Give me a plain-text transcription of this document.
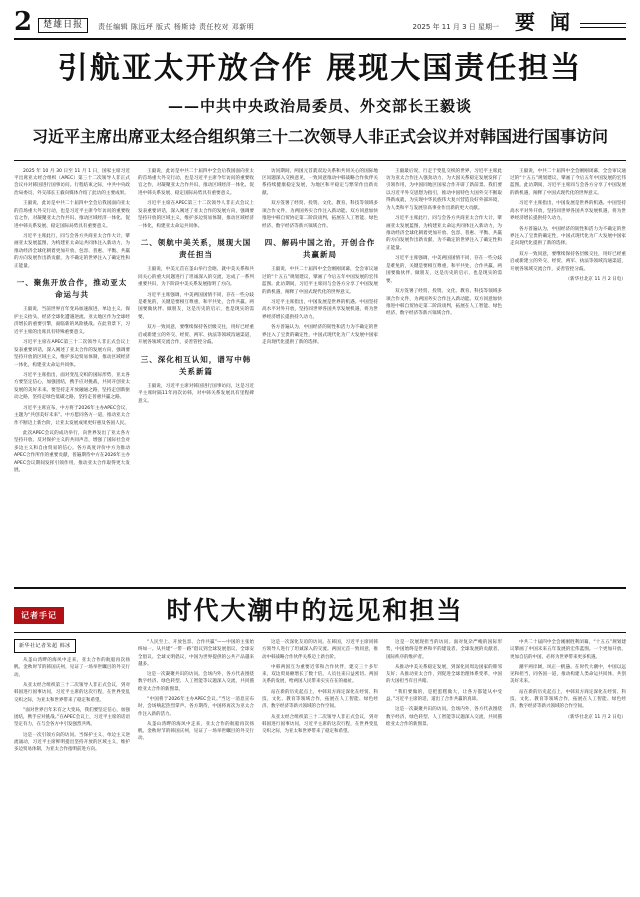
2	楚雄日报	责任编辑 陈远坪 版式 杨斯诗 责任校对 邓新明	2025 年 11 月 3 日 星期一 要 闻
引航亚太开放合作 展现大国责任担当
——中共中央政治局委员、外交部长王毅谈
习近平主席出席亚太经合组织第三十二次领导人非正式会议并对韩国进行国事访问

2025 年 10 月 30 日至 11 月 1 日，国家主席习近平出席亚太经合组织（APEC）第三十二次领导人非正式会议并对韩国进行国事访问。行程结束之际，中共中央政治局委员、外交部长王毅向媒体介绍了此访的主要成果。

王毅说，此访是中共二十届四中全会后我国面向亚太的首场重大外交行动，也是习近平主席今年访问的重要收官之作，对凝聚亚太合作共识、推动区域经济一体化、促进中韩关系发展、稳定国际局势具有重要意义。

习近平主席此行，同与会各方共商亚太合作大计，擘画亚太发展蓝图，为构建亚太命运共同体注入新动力，为推动经济全球化朝着更加开放、包容、普惠、平衡、共赢的方向发展作出新贡献，为不确定的世界注入了确定性和正能量。

一、聚焦开放合作，推动亚太命运与共

王毅说，当前世界百年变局加速演进，单边主义、保护主义抬头，经济全球化遭遇逆流。亚太地区作为全球经济增长的重要引擎，面临新的风险挑战。在此背景下，习近平主席的出席具有特殊重要意义。

习近平主席在APEC第三十二次领导人非正式会议上发表重要讲话，深入阐述了亚太合作的发展方向，强调要坚持开放的区域主义，维护多边贸易体制，推动区域经济一体化，构建亚太命运共同体。

习近平主席指出，面对变乱交织的国际形势，亚太各方要坚定信心，加强团结，携手应对挑战，共同开创亚太发展的美好未来。要坚持走开放融通之路，坚持走创新驱动之路，坚持走绿色低碳之路，坚持走普惠共赢之路。

习近平主席宣布，中方将于2026年主办APEC会议，主题为“共创美好未来”。中方愿同各方一道，推动亚太合作不断迈上新台阶，让亚太发展成果更好惠及各国人民。

此次APEC会议的成功举行，向世界发出了亚太各方坚持开放、反对保护主义的共同声音，增强了国际社会对多边主义和自由贸易的信心。各方高度评价中方为推动APEC合作所作的重要贡献，普遍期待中方在2026年主办APEC会议期间发挥引领作用，推动亚太合作取得更大发展。

王毅说，此访是中共二十届四中全会后我国面向亚太的首场重大外交行动，也是习近平主席今年访问的重要收官之作，对凝聚亚太合作共识、推动区域经济一体化、促进中韩关系发展、稳定国际局势具有重要意义。

习近平主席在APEC第三十二次领导人非正式会议上发表重要讲话，深入阐述了亚太合作的发展方向，强调要坚持开放的区域主义，维护多边贸易体制，推动区域经济一体化，构建亚太命运共同体。

二、领航中美关系，展现大国责任担当

王毅说，中美元首在釜山举行会晤，就中美关系和共同关心的重大问题进行了坦诚深入的交流，达成了一系列重要共识，为下阶段中美关系发展指明了方向。

习近平主席强调，中美两国国情不同，存在一些分歧是难免的，关键是要相互尊重，和平共处，合作共赢。两国要做伙伴、做朋友，这是历史的启示，也是现实的需要。

双方一致同意，要继续保持各层级交往，用好已经重启或新建立的外交、经贸、两军、执法等领域沟通渠道，开展各领域交流合作，妥善管控分歧。

三、深化相互认知，谱写中韩关系新篇

王毅说，习近平主席对韩国进行国事访问，这是习近平主席时隔11年再次访韩，对中韩关系发展具有里程碑意义。

访问期间，两国元首就双边关系和共同关心的国际地区问题深入交换意见，一致同意推动中韩战略合作伙伴关系持续健康稳定发展，为地区和平稳定与繁荣作出新贡献。

双方签署了经贸、投资、文化、教育、科技等领域多项合作文件，为两国务实合作注入新动能。双方同意加快推进中韩自贸协定第二阶段谈判，拓展在人工智能、绿色经济、数字经济等新兴领域合作。

四、解码中国之治，开创合作共赢新局

王毅说，中共二十届四中全会刚刚闭幕，全会审议通过的“十五五”规划建议，擘画了今后五年中国发展的宏伟蓝图。此访期间，习近平主席同与会各方分享了中国发展的新机遇，阐释了中国式现代化的世界意义。

习近平主席指出，中国发展是世界的机遇。中国坚持高水平对外开放，坚持同世界各国共享发展机遇，将为世界经济增长提供持久动力。

各方普遍认为，中国经济的韧性和活力为不确定的世界注入了宝贵的确定性，中国式现代化为广大发展中国家走向现代化提供了新的选择。

王毅最后说，行走于变乱交织的世界，习近平主席此访为亚太合作注入强劲动力，为大国关系稳定发展发挥了引领作用，为中国同地区国家合作开辟了新前景。我们要以习近平外交思想为指引，推动中国特色大国外交不断取得新成就，为实现中华民族伟大复兴营造良好外部环境，为人类和平与发展崇高事业作出新的更大贡献。

习近平主席此行，同与会各方共商亚太合作大计，擘画亚太发展蓝图，为构建亚太命运共同体注入新动力，为推动经济全球化朝着更加开放、包容、普惠、平衡、共赢的方向发展作出新贡献，为不确定的世界注入了确定性和正能量。

习近平主席强调，中美两国国情不同，存在一些分歧是难免的，关键是要相互尊重，和平共处，合作共赢。两国要做伙伴、做朋友，这是历史的启示，也是现实的需要。

双方签署了经贸、投资、文化、教育、科技等领域多项合作文件，为两国务实合作注入新动能。双方同意加快推进中韩自贸协定第二阶段谈判，拓展在人工智能、绿色经济、数字经济等新兴领域合作。

王毅说，中共二十届四中全会刚刚闭幕，全会审议通过的“十五五”规划建议，擘画了今后五年中国发展的宏伟蓝图。此访期间，习近平主席同与会各方分享了中国发展的新机遇，阐释了中国式现代化的世界意义。

习近平主席指出，中国发展是世界的机遇。中国坚持高水平对外开放，坚持同世界各国共享发展机遇，将为世界经济增长提供持久动力。

各方普遍认为，中国经济的韧性和活力为不确定的世界注入了宝贵的确定性，中国式现代化为广大发展中国家走向现代化提供了新的选择。

双方一致同意，要继续保持各层级交往，用好已经重启或新建立的外交、经贸、两军、执法等领域沟通渠道，开展各领域交流合作，妥善管控分歧。

（新华社北京 11 月 2 日电）

记者手记	时代大潮中的远见和担当
新华社记者朱超 韩冰

从釜山湾畔的海风中走来，亚太合作的航船再次扬帆。金秋时节的韩国庆州，见证了一场举世瞩目的外交行动。

从亚太经合组织第三十二次领导人非正式会议，到对韩国进行国事访问，习近平主席的这次行程，在世界变乱交织之际，为亚太和世界带来了稳定和希望。

“面对世界百年未有之大变局，我们要坚定信心，加强团结，携手应对挑战。”在APEC会议上，习近平主席的话语坚定有力，在与会各方中引发强烈共鸣。

这是一次引领方向的访问。当保护主义、单边主义逆流涌动，习近平主席鲜明提出坚持开放的区域主义，维护多边贸易体制，为亚太合作指明前进方向。

“人民至上、开放包容、合作共赢”——中国的主张始终如一。从共建“一带一路”倡议到全球发展倡议、全球安全倡议、全球文明倡议，中国为世界提供的公共产品越来越多。

这是一次凝聚共识的访问。会场内外，各方代表围绕数字经济、绿色转型、人工智能等议题深入交流，共同描绘亚太合作的新图景。

“中国将于2026年主办APEC会议。”当这一消息宣布时，会场响起热烈掌声。各方期待，中国将再次为亚太合作注入新的活力。

从釜山湾畔的海风中走来，亚太合作的航船再次扬帆。金秋时节的韩国庆州，见证了一场举世瞩目的外交行动。

这是一次深化友谊的访问。在韩国，习近平主席同韩方领导人进行了坦诚深入的交流。两国元首一致同意，推动中韩战略合作伙伴关系迈上新台阶。

中韩两国互为重要近邻和合作伙伴，建交三十多年来，双边贸易额增长了数十倍，人员往来日益密切。两国关系的发展，给两国人民带来实实在在的福祉。

站在新的历史起点上，中韩双方商定深化在经贸、科技、文化、教育等领域合作，拓展在人工智能、绿色经济、数字经济等新兴领域的合作空间。

从亚太经合组织第三十二次领导人非正式会议，到对韩国进行国事访问，习近平主席的这次行程，在世界变乱交织之际，为亚太和世界带来了稳定和希望。

这是一次展现担当的访问。面对复杂严峻的国际形势，中国始终是世界和平的建设者、全球发展的贡献者、国际秩序的维护者。

从推动中美关系稳定发展，到深化同周边国家的睦邻友好；从推动亚太合作，到促进全球治理体系变革，中国的大国担当有目共睹。

“我们要做的，是把蛋糕做大，让各方都能从中受益。”习近平主席的话，道出了合作共赢的真谛。

这是一次凝聚共识的访问。会场内外，各方代表围绕数字经济、绿色转型、人工智能等议题深入交流，共同描绘亚太合作的新图景。

中共二十届四中全会刚刚胜利闭幕，“十五五”规划建议擘画了中国未来五年发展的宏伟蓝图。一个更加开放、更加自信的中国，必将为世界带来更多机遇。

潮平两岸阔，风正一帆悬。在时代大潮中，中国以远见和担当，同各国一道，推动构建人类命运共同体，共创美好未来。

站在新的历史起点上，中韩双方商定深化在经贸、科技、文化、教育等领域合作，拓展在人工智能、绿色经济、数字经济等新兴领域的合作空间。

（新华社北京 11 月 2 日电）
